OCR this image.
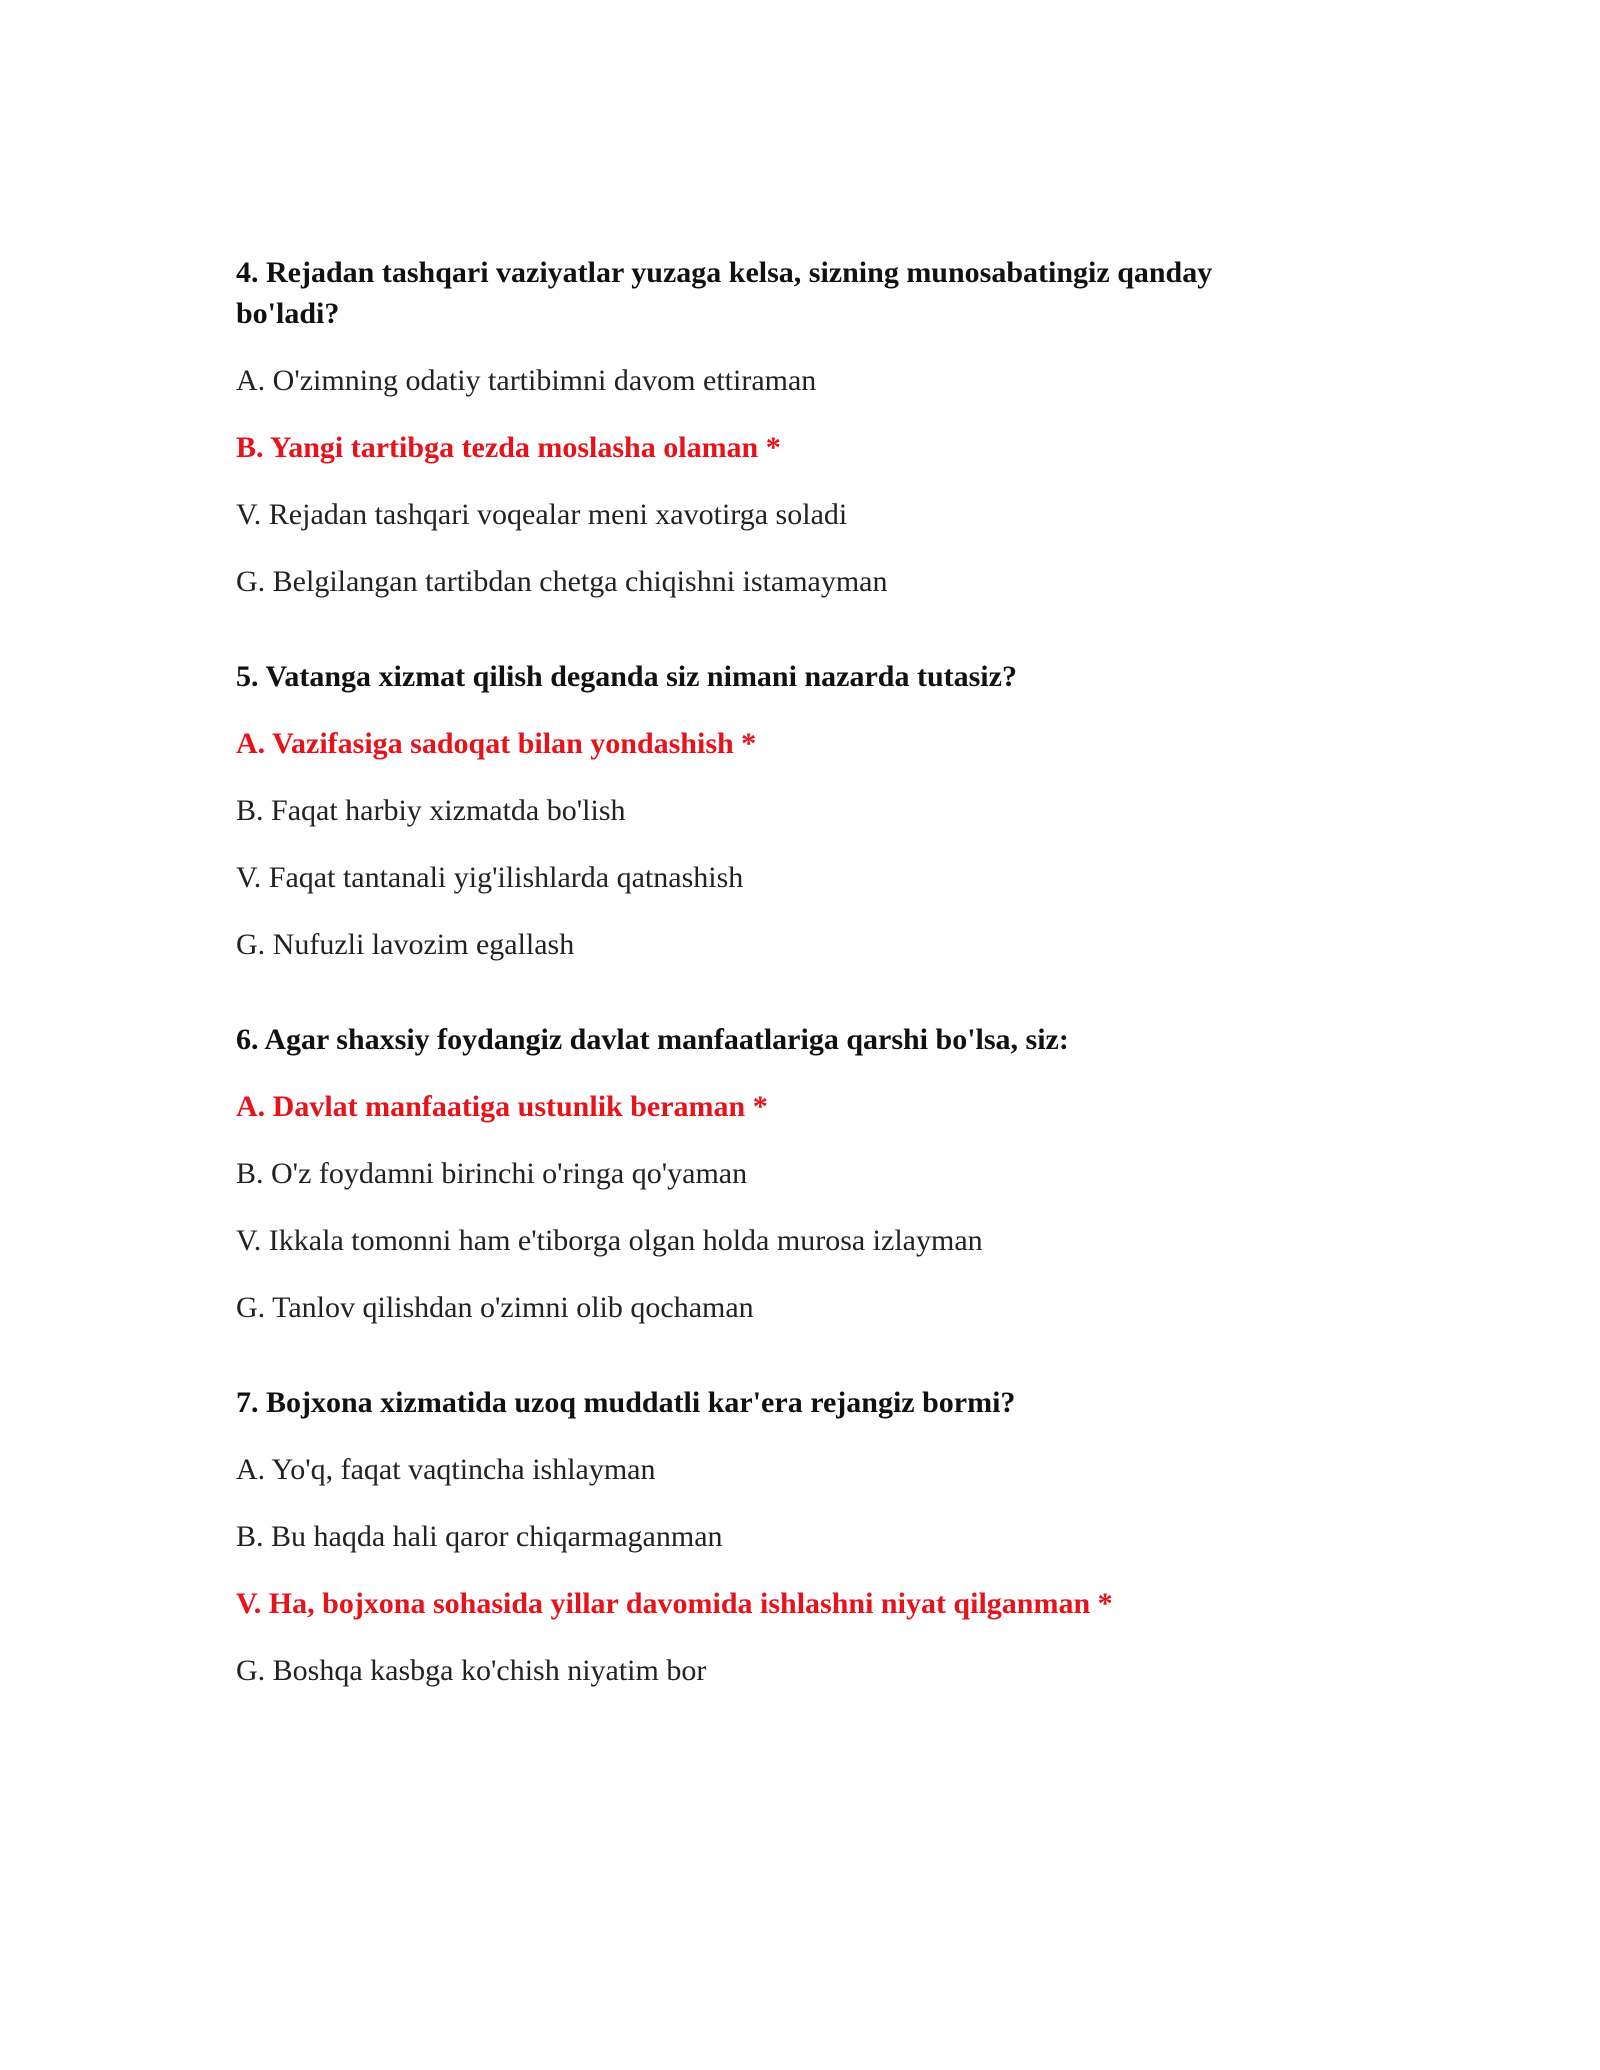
4. Rejadan tashqari vaziyatlar yuzaga kelsa, sizning munosabatingiz qanday bo'ladi?

A. O'zimning odatiy tartibimni davom ettiraman

B. Yangi tartibga tezda moslasha olaman *

V. Rejadan tashqari voqealar meni xavotirga soladi

G. Belgilangan tartibdan chetga chiqishni istamayman

5. Vatanga xizmat qilish deganda siz nimani nazarda tutasiz?

A. Vazifasiga sadoqat bilan yondashish *

B. Faqat harbiy xizmatda bo'lish

V. Faqat tantanali yig'ilishlarda qatnashish

G. Nufuzli lavozim egallash

6. Agar shaxsiy foydangiz davlat manfaatlariga qarshi bo'lsa, siz:

A. Davlat manfaatiga ustunlik beraman *

B. O'z foydamni birinchi o'ringa qo'yaman

V. Ikkala tomonni ham e'tiborga olgan holda murosa izlayman

G. Tanlov qilishdan o'zimni olib qochaman

7. Bojxona xizmatida uzoq muddatli kar'era rejangiz bormi?

A. Yo'q, faqat vaqtincha ishlayman

B. Bu haqda hali qaror chiqarmaganman

V. Ha, bojxona sohasida yillar davomida ishlashni niyat qilganman *

G. Boshqa kasbga ko'chish niyatim bor
